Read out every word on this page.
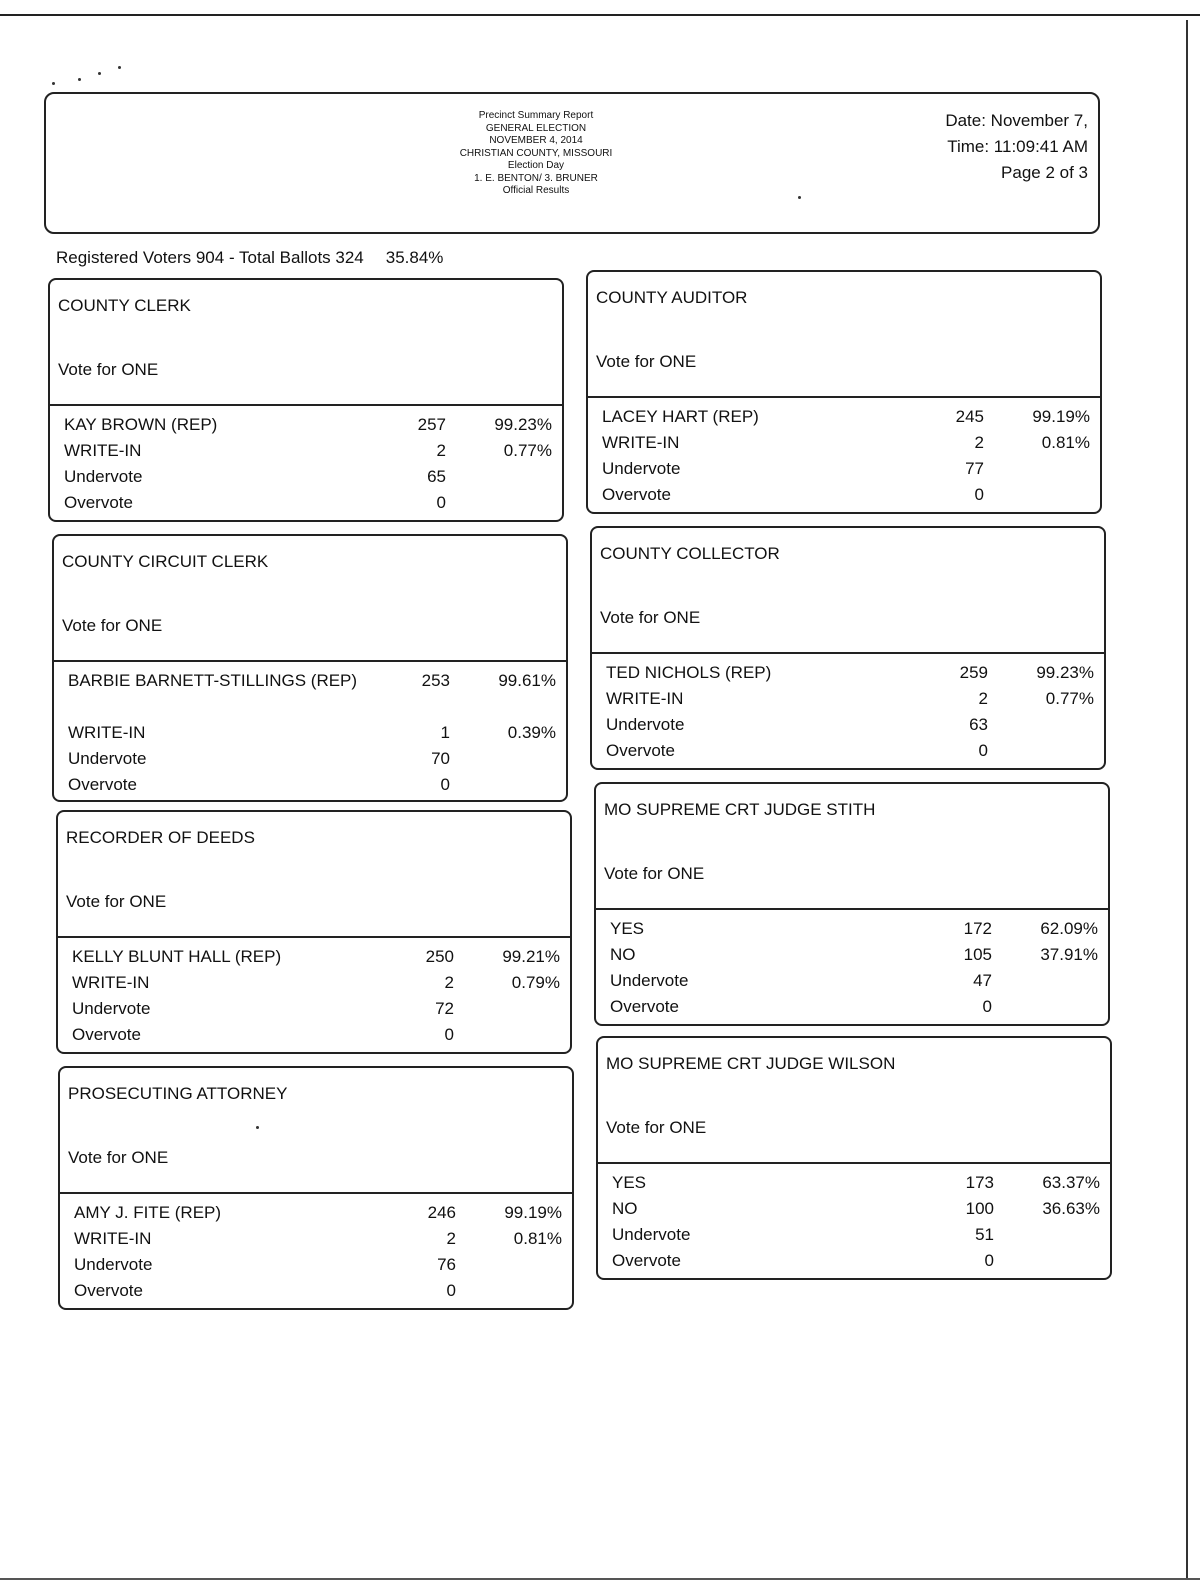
Precinct Summary Report
GENERAL ELECTION
NOVEMBER 4, 2014
CHRISTIAN COUNTY, MISSOURI
Election Day
1. E. BENTON/ 3. BRUNER
Official Results
Date: November 7,
Time: 11:09:41 AM
Page 2 of 3
Registered Voters 904 - Total Ballots 324 35.84%
COUNTY CLERK
Vote for ONE
KAY BROWN (REP)	257	99.23%
WRITE-IN	2	0.77%
Undervote	65
Overvote	0
COUNTY AUDITOR
Vote for ONE
LACEY HART (REP)	245	99.19%
WRITE-IN	2	0.81%
Undervote	77
Overvote	0
COUNTY CIRCUIT CLERK
Vote for ONE
BARBIE BARNETT-STILLINGS (REP)	253	99.61%
WRITE-IN	1	0.39%
Undervote	70
Overvote	0
COUNTY COLLECTOR
Vote for ONE
TED NICHOLS (REP)	259	99.23%
WRITE-IN	2	0.77%
Undervote	63
Overvote	0
RECORDER OF DEEDS
Vote for ONE
KELLY BLUNT HALL (REP)	250	99.21%
WRITE-IN	2	0.79%
Undervote	72
Overvote	0
MO SUPREME CRT JUDGE STITH
Vote for ONE
YES	172	62.09%
NO	105	37.91%
Undervote	47
Overvote	0
PROSECUTING ATTORNEY
Vote for ONE
AMY J. FITE (REP)	246	99.19%
WRITE-IN	2	0.81%
Undervote	76
Overvote	0
MO SUPREME CRT JUDGE WILSON
Vote for ONE
YES	173	63.37%
NO	100	36.63%
Undervote	51
Overvote	0
